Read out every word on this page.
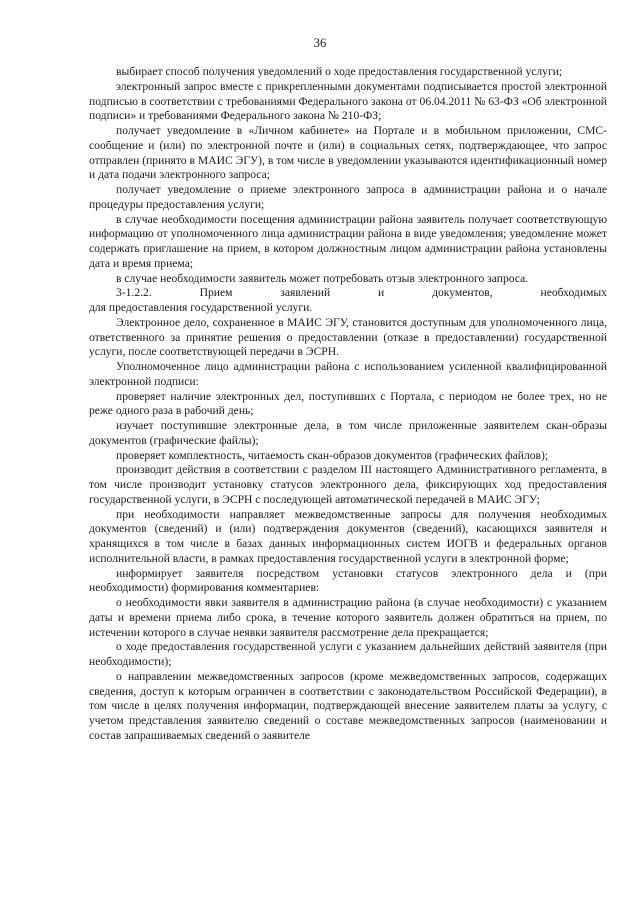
36

выбирает способ получения уведомлений о ходе предоставления государственной услуги;

электронный запрос вместе с прикрепленными документами подписывается простой электронной подписью в соответствии с требованиями Федерального закона от 06.04.2011 № 63-ФЗ «Об электронной подписи» и требованиями Федерального закона № 210-ФЗ;

получает уведомление в «Личном кабинете» на Портале и в мобильном приложении, СМС-сообщение и (или) по электронной почте и (или) в социальных сетях, подтверждающее, что запрос отправлен (принято в МАИС ЭГУ), в том числе в уведомлении указываются идентификационный номер и дата подачи электронного запроса;

получает уведомление о приеме электронного запроса в администрации района и о начале процедуры предоставления услуги;

в случае необходимости посещения администрации района заявитель получает соответствующую информацию от уполномоченного лица администрации района в виде уведомления; уведомление может содержать приглашение на прием, в котором должностным лицом администрации района установлены дата и время приема;

в случае необходимости заявитель может потребовать отзыв электронного запроса.

3-1.2.2.	Прием	заявлений	и	документов,	необходимых

для предоставления государственной услуги.

Электронное дело, сохраненное в МАИС ЭГУ, становится доступным для уполномоченного лица, ответственного за принятие решения о предоставлении (отказе в предоставлении) государственной услуги, после соответствующей передачи в ЭСРН.

Уполномоченное лицо администрации района с использованием усиленной квалифицированной электронной подписи:

проверяет наличие электронных дел, поступивших с Портала, с периодом не более трех, но не реже одного раза в рабочий день;

изучает поступившие электронные дела, в том числе приложенные заявителем скан-образы документов (графические файлы);

проверяет комплектность, читаемость скан-образов документов (графических файлов);

производит действия в соответствии с разделом III настоящего Административного регламента, в том числе производит установку статусов электронного дела, фиксирующих ход предоставления государственной услуги, в ЭСРН с последующей автоматической передачей в МАИС ЭГУ;

при необходимости направляет межведомственные запросы для получения необходимых документов (сведений) и (или) подтверждения документов (сведений), касающихся заявителя и хранящихся в том числе в базах данных информационных систем ИОГВ и федеральных органов исполнительной власти, в рамках предоставления государственной услуги в электронной форме;

информирует заявителя посредством установки статусов электронного дела и (при необходимости) формирования комментариев:

о необходимости явки заявителя в администрацию района (в случае необходимости) с указанием даты и времени приема либо срока, в течение которого заявитель должен обратиться на прием, по истечении которого в случае неявки заявителя рассмотрение дела прекращается;

о ходе предоставления государственной услуги с указанием дальнейших действий заявителя (при необходимости);

о направлении межведомственных запросов (кроме межведомственных запросов, содержащих сведения, доступ к которым ограничен в соответствии с законодательством Российской Федерации), в том числе в целях получения информации, подтверждающей внесение заявителем платы за услугу, с учетом представления заявителю сведений о составе межведомственных запросов (наименовании и состав запрашиваемых сведений о заявителе
